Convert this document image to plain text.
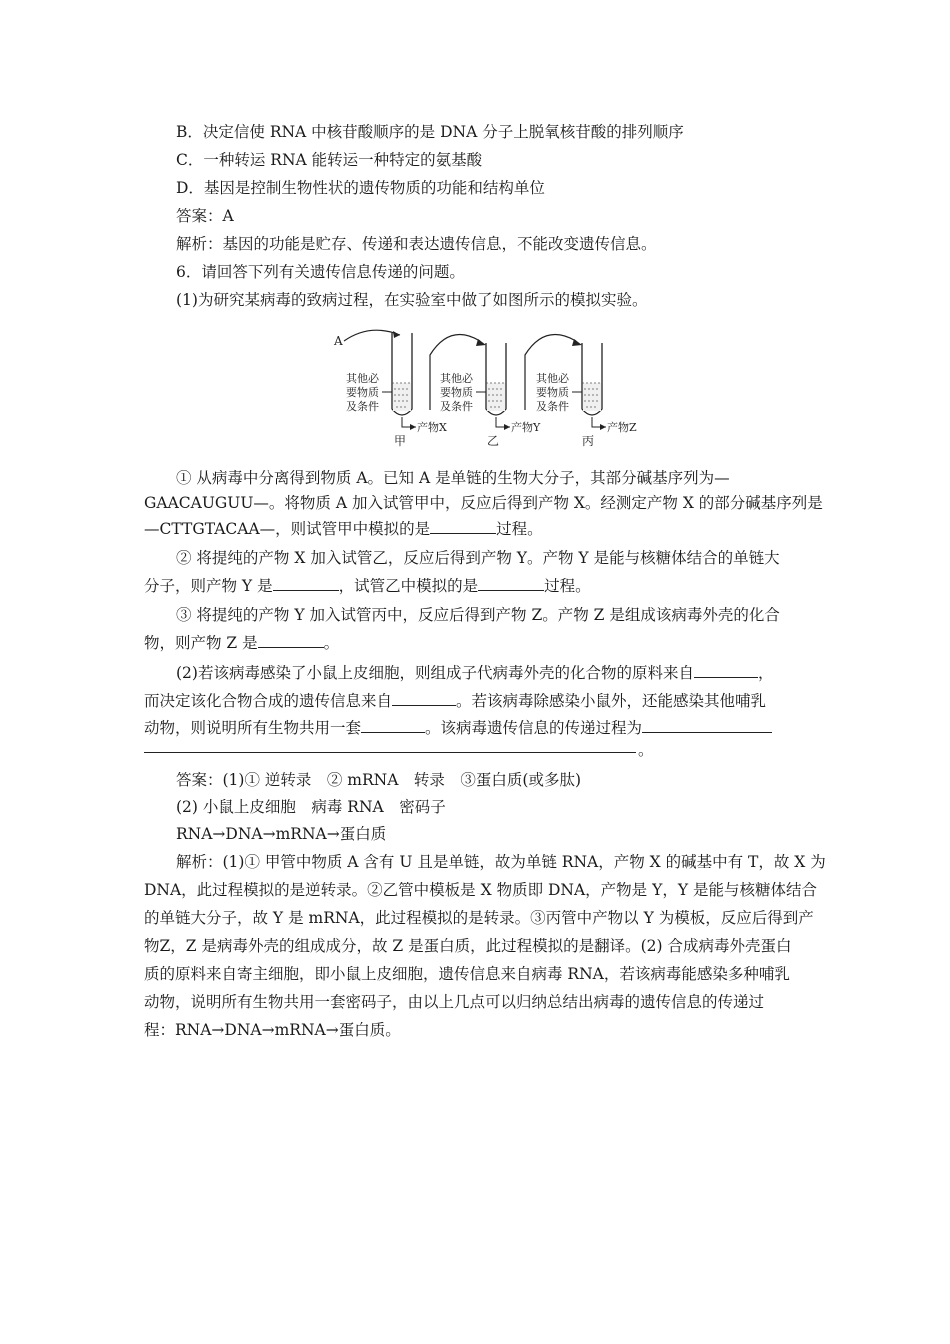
B．决定信使 RNA 中核苷酸顺序的是 DNA 分子上脱氧核苷酸的排列顺序
C．一种转运 RNA 能转运一种特定的氨基酸
D．基因是控制生物性状的遗传物质的功能和结构单位
答案：A
解析：基因的功能是贮存、传递和表达遗传信息，不能改变遗传信息。
6．请回答下列有关遗传信息传递的问题。
(1)为研究某病毒的致病过程，在实验室中做了如图所示的模拟实验。
A
其他必
要物质
及条件
产物X
甲
其他必
要物质
及条件
产物Y
乙
其他必
要物质
及条件
产物Z
丙
① 从病毒中分离得到物质 A。已知 A 是单链的生物大分子，其部分碱基序列为—
GAACAUGUU—。将物质 A 加入试管甲中，反应后得到产物 X。经测定产物 X 的部分碱基序列是
—CTTGTACAA—，则试管甲中模拟的是	过程。
② 将提纯的产物 X 加入试管乙，反应后得到产物 Y。产物 Y 是能与核糖体结合的单链大
分子，则产物 Y 是	，试管乙中模拟的是	过程。
③ 将提纯的产物 Y 加入试管丙中，反应后得到产物 Z。产物 Z 是组成该病毒外壳的化合
物，则产物 Z 是	。
(2)若该病毒感染了小鼠上皮细胞，则组成子代病毒外壳的化合物的原料来自	，
而决定该化合物合成的遗传信息来自	。若该病毒除感染小鼠外，还能感染其他哺乳
动物，则说明所有生物共用一套	。该病毒遗传信息的传递过程为
。
答案：(1)① 逆转录　② mRNA　转录　③蛋白质(或多肽)
(2) 小鼠上皮细胞　病毒 RNA　密码子
RNA→DNA→mRNA→蛋白质
解析：(1)① 甲管中物质 A 含有 U 且是单链，故为单链 RNA，产物 X 的碱基中有 T，故 X 为
DNA，此过程模拟的是逆转录。②乙管中模板是 X 物质即 DNA，产物是 Y，Y 是能与核糖体结合
的单链大分子，故 Y 是 mRNA，此过程模拟的是转录。③丙管中产物以 Y 为模板，反应后得到产
物Z，Z 是病毒外壳的组成成分，故 Z 是蛋白质，此过程模拟的是翻译。(2) 合成病毒外壳蛋白
质的原料来自寄主细胞，即小鼠上皮细胞，遗传信息来自病毒 RNA，若该病毒能感染多种哺乳
动物，说明所有生物共用一套密码子，由以上几点可以归纳总结出病毒的遗传信息的传递过
程：RNA→DNA→mRNA→蛋白质。
